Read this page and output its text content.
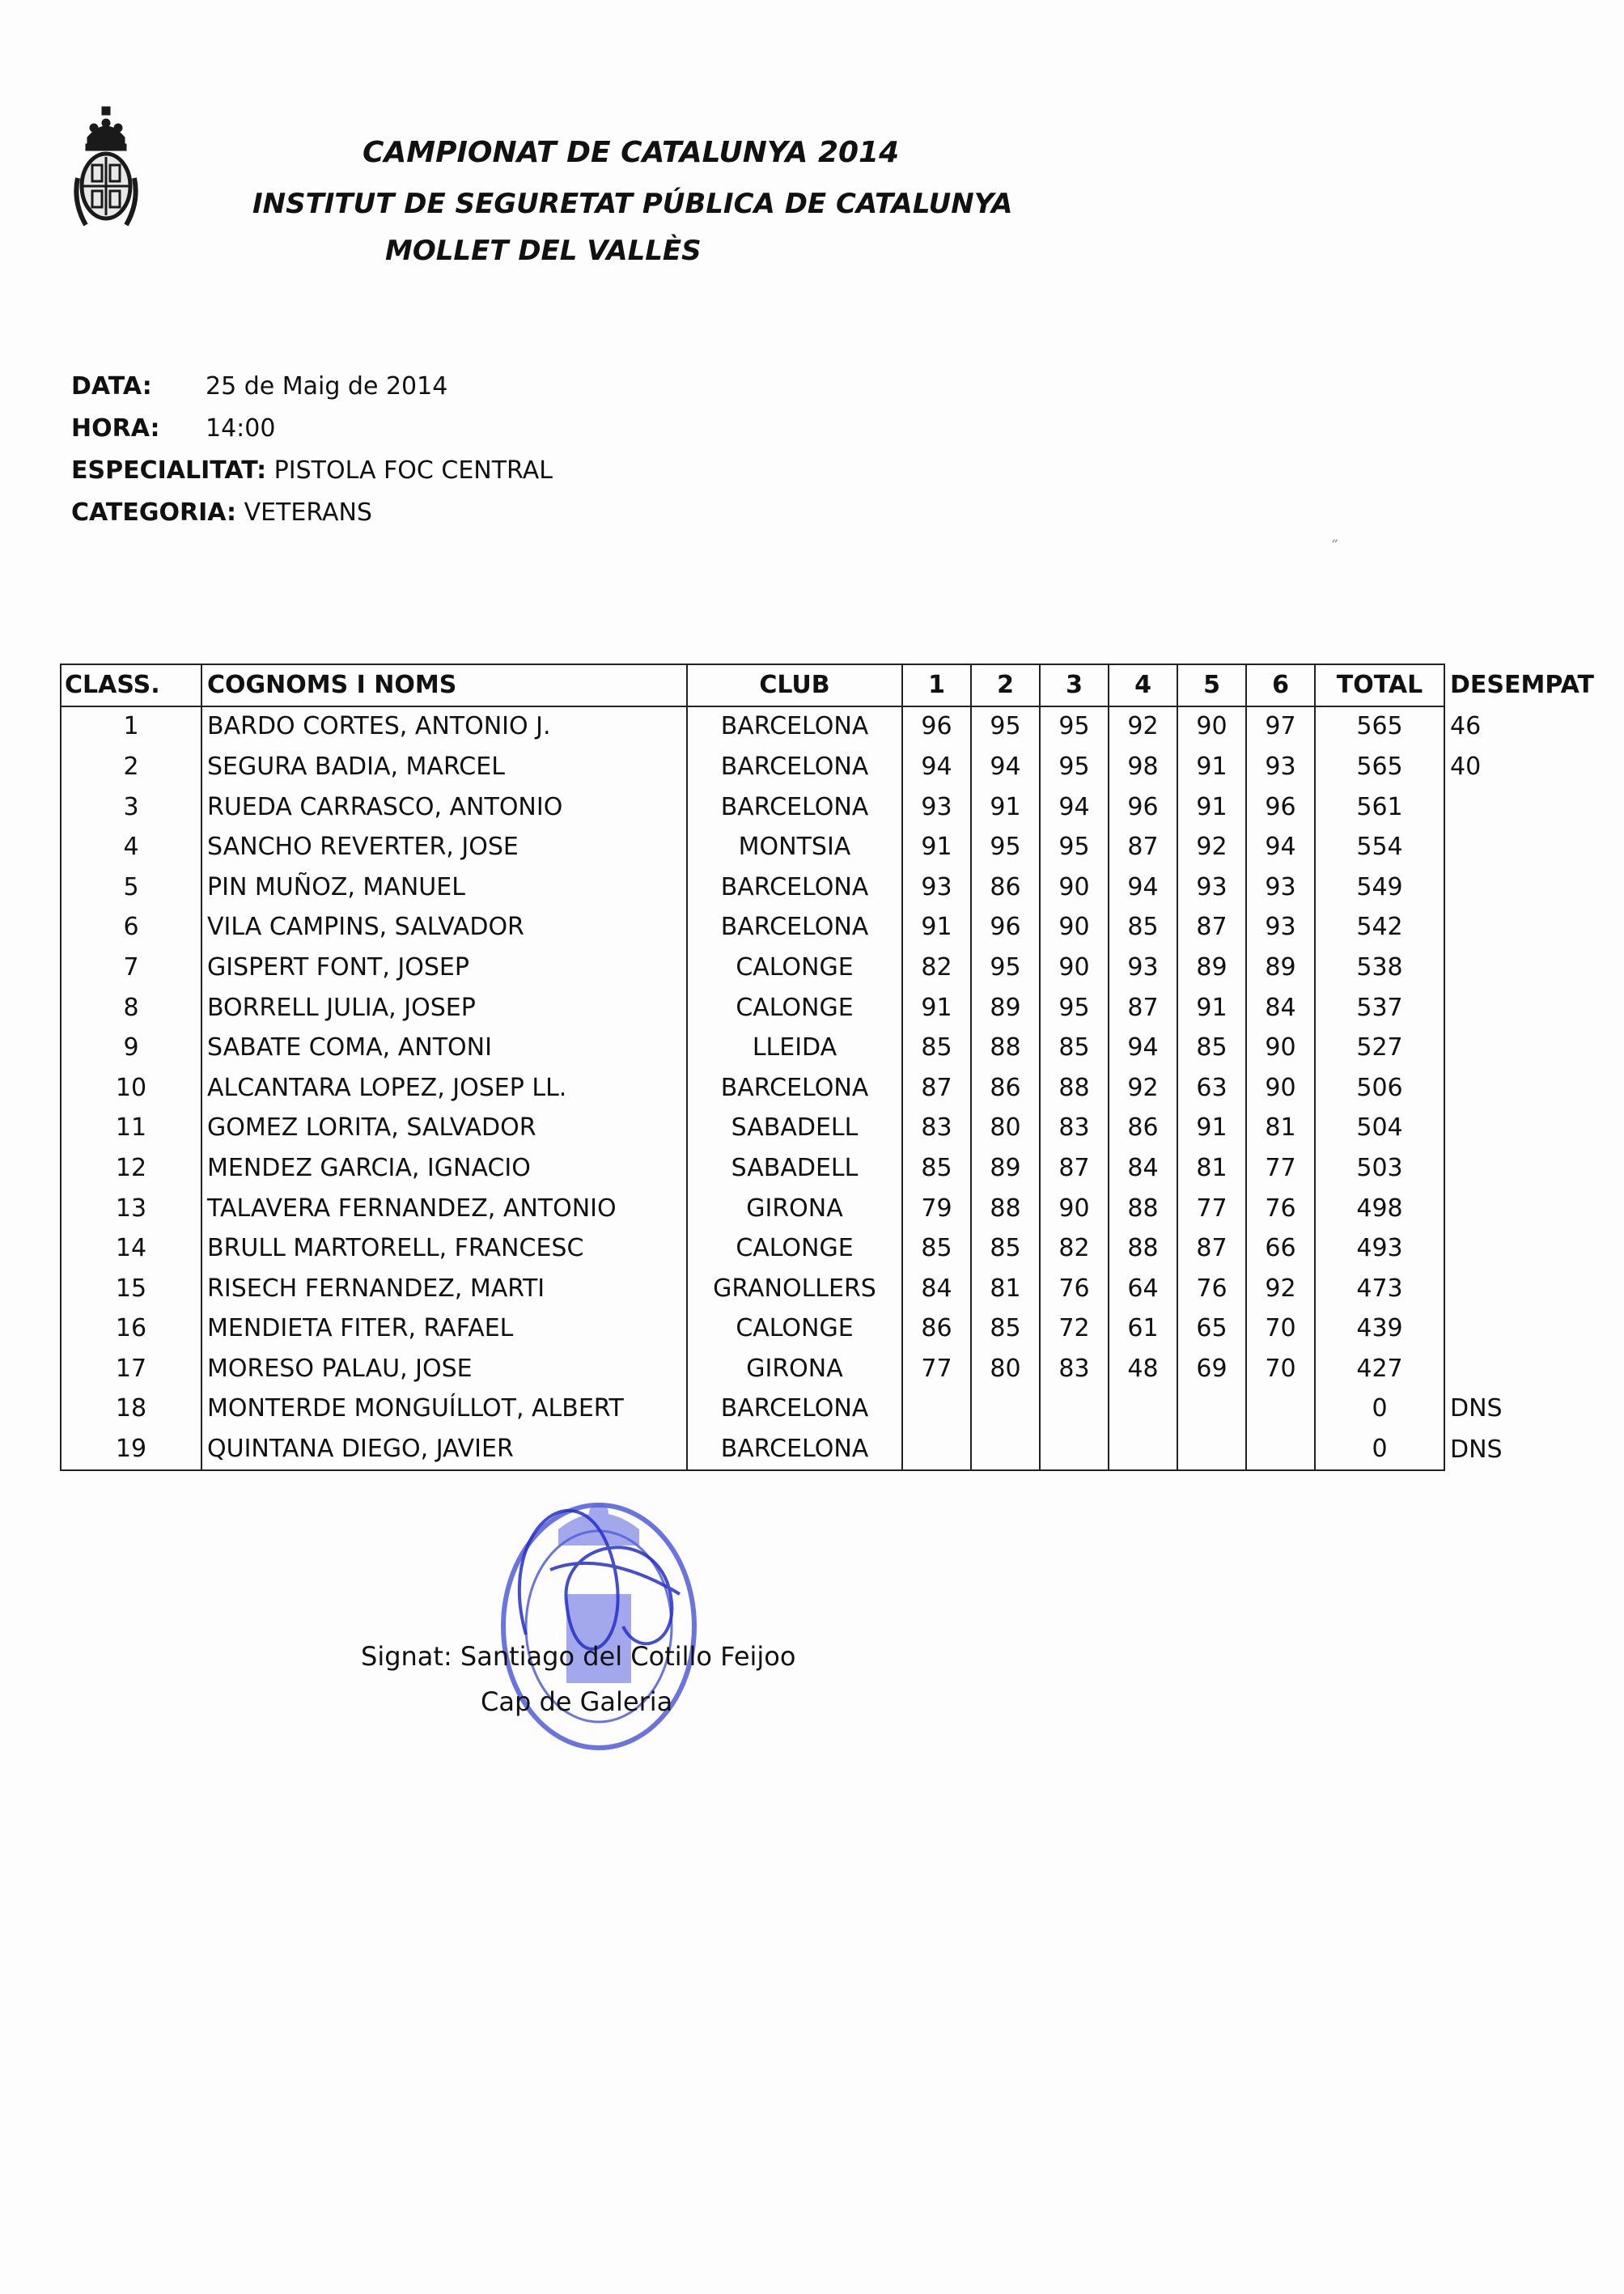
CAMPIONAT DE CATALUNYA 2014
INSTITUT DE SEGURETAT PÚBLICA DE CATALUNYA
MOLLET DEL VALLÈS
DATA: 25 de Maig de 2014
HORA: 14:00
ESPECIALITAT: PISTOLA FOC CENTRAL
CATEGORIA: VETERANS
˝
CLASS.	COGNOMS I NOMS	CLUB	1	2	3	4	5	6	TOTAL	DESEMPAT
1	BARDO CORTES, ANTONIO J.	BARCELONA	96	95	95	92	90	97	565	46
2	SEGURA BADIA, MARCEL	BARCELONA	94	94	95	98	91	93	565	40
3	RUEDA CARRASCO, ANTONIO	BARCELONA	93	91	94	96	91	96	561	
4	SANCHO REVERTER, JOSE	MONTSIA	91	95	95	87	92	94	554	
5	PIN MUÑOZ, MANUEL	BARCELONA	93	86	90	94	93	93	549	
6	VILA CAMPINS, SALVADOR	BARCELONA	91	96	90	85	87	93	542	
7	GISPERT FONT, JOSEP	CALONGE	82	95	90	93	89	89	538	
8	BORRELL JULIA, JOSEP	CALONGE	91	89	95	87	91	84	537	
9	SABATE COMA, ANTONI	LLEIDA	85	88	85	94	85	90	527	
10	ALCANTARA LOPEZ, JOSEP LL.	BARCELONA	87	86	88	92	63	90	506	
11	GOMEZ LORITA, SALVADOR	SABADELL	83	80	83	86	91	81	504	
12	MENDEZ GARCIA, IGNACIO	SABADELL	85	89	87	84	81	77	503	
13	TALAVERA FERNANDEZ, ANTONIO	GIRONA	79	88	90	88	77	76	498	
14	BRULL MARTORELL, FRANCESC	CALONGE	85	85	82	88	87	66	493	
15	RISECH FERNANDEZ, MARTI	GRANOLLERS	84	81	76	64	76	92	473	
16	MENDIETA FITER, RAFAEL	CALONGE	86	85	72	61	65	70	439	
17	MORESO PALAU, JOSE	GIRONA	77	80	83	48	69	70	427	
18	MONTERDE MONGUÍLLOT, ALBERT	BARCELONA							0	DNS
19	QUINTANA DIEGO, JAVIER	BARCELONA							0	DNS
Signat: Santiago del Cotillo Feijoo
Cap de Galeria
